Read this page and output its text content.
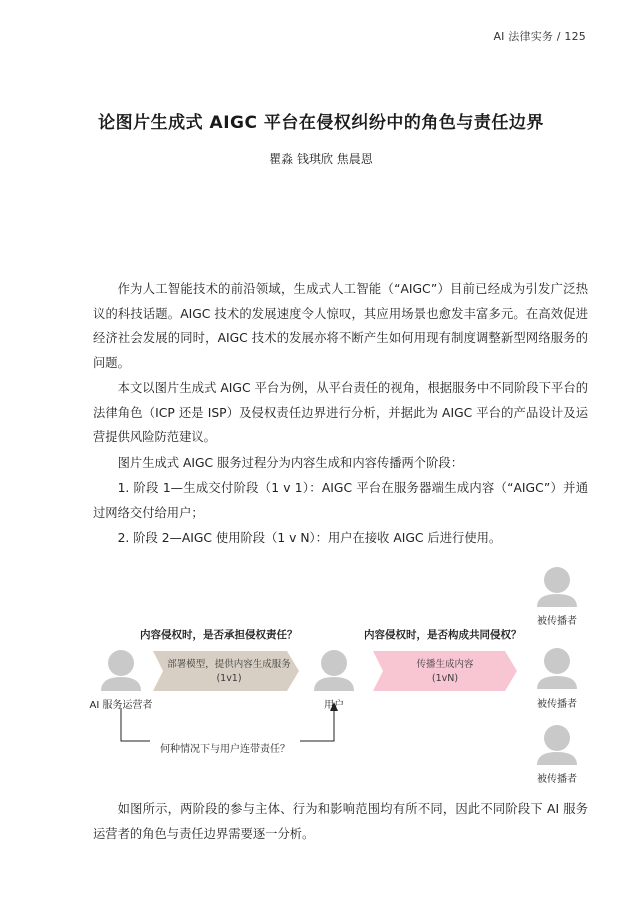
AI 法律实务 / 125
论图片生成式 AIGC 平台在侵权纠纷中的角色与责任边界
瞿淼 钱琪欣 焦晨恩

作为人工智能技术的前沿领域，生成式人工智能（“AIGC”）目前已经成为引发广泛热议的科技话题。AIGC 技术的发展速度令人惊叹，其应用场景也愈发丰富多元。在高效促进经济社会发展的同时，AIGC 技术的发展亦将不断产生如何用现有制度调整新型网络服务的问题。

本文以图片生成式 AIGC 平台为例，从平台责任的视角，根据服务中不同阶段下平台的法律角色（ICP 还是 ISP）及侵权责任边界进行分析，并据此为 AIGC 平台的产品设计及运营提供风险防范建议。

图片生成式 AIGC 服务过程分为内容生成和内容传播两个阶段：

1. 阶段 1—生成交付阶段（1 v 1）：AIGC 平台在服务器端生成内容（“AIGC”）并通过网络交付给用户；

2. 阶段 2—AIGC 使用阶段（1 v N）：用户在接收 AIGC 后进行使用。

内容侵权时，是否承担侵权责任？	内容侵权时，是否构成共同侵权？
部署模型，提供内容生成服务
(1v1)
传播生成内容
(1vN)
AI 服务运营者	用户
被传播者
被传播者
被传播者
何种情况下与用户连带责任？

如图所示，两阶段的参与主体、行为和影响范围均有所不同，因此不同阶段下 AI 服务运营者的角色与责任边界需要逐一分析。
